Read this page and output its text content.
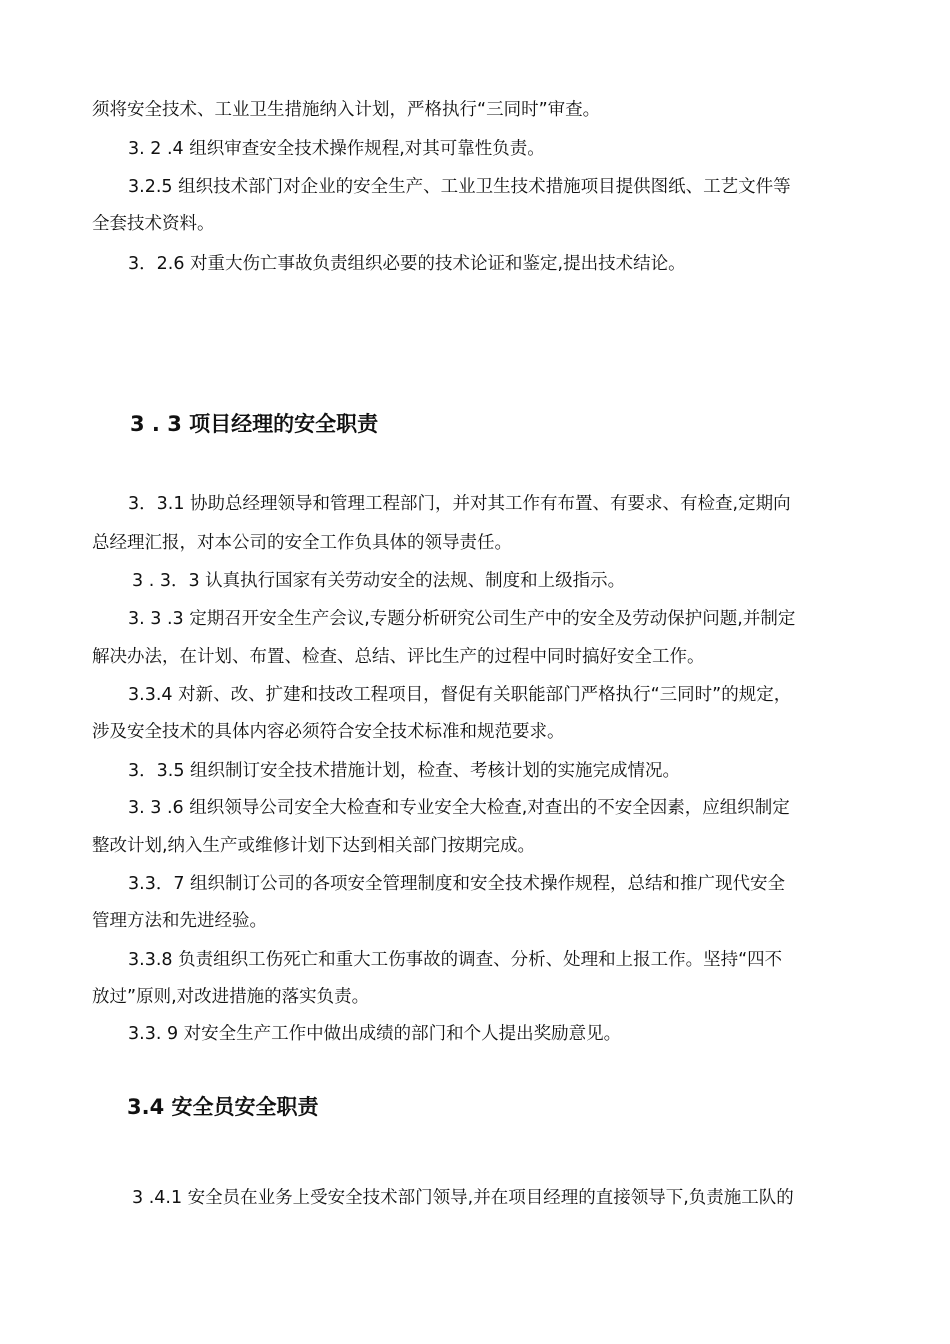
须将安全技术、工业卫生措施纳入计划，严格执行“三同时”审查。
3. 2 .4 组织审查安全技术操作规程,对其可靠性负责。
3.2.5 组织技术部门对企业的安全生产、工业卫生技术措施项目提供图纸、工艺文件等
全套技术资料。
3．2.6 对重大伤亡事故负责组织必要的技术论证和鉴定,提出技术结论。
3 . 3 项目经理的安全职责
3．3.1 协助总经理领导和管理工程部门，并对其工作有布置、有要求、有检查,定期向
总经理汇报，对本公司的安全工作负具体的领导责任。
3 . 3．3 认真执行国家有关劳动安全的法规、制度和上级指示。
3. 3 .3 定期召开安全生产会议,专题分析研究公司生产中的安全及劳动保护问题,并制定
解决办法，在计划、布置、检查、总结、评比生产的过程中同时搞好安全工作。
3.3.4 对新、改、扩建和技改工程项目，督促有关职能部门严格执行“三同时”的规定，
涉及安全技术的具体内容必须符合安全技术标准和规范要求。
3．3.5 组织制订安全技术措施计划，检查、考核计划的实施完成情况。
3. 3 .6 组织领导公司安全大检查和专业安全大检查,对查出的不安全因素，应组织制定
整改计划,纳入生产或维修计划下达到相关部门按期完成。
3.3．7 组织制订公司的各项安全管理制度和安全技术操作规程，总结和推广现代安全
管理方法和先进经验。
3.3.8 负责组织工伤死亡和重大工伤事故的调查、分析、处理和上报工作。坚持“四不
放过”原则,对改进措施的落实负责。
3.3. 9 对安全生产工作中做出成绩的部门和个人提出奖励意见。
3.4 安全员安全职责
3 .4.1 安全员在业务上受安全技术部门领导,并在项目经理的直接领导下,负责施工队的
